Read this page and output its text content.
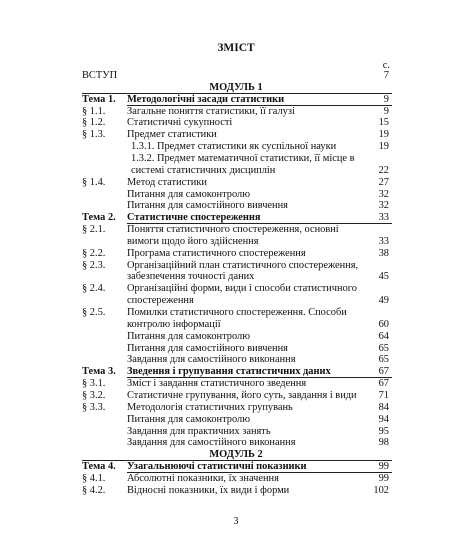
ЗМІСТ
с.
ВСТУП	7
МОДУЛЬ 1
Тема 1. Методологічні засади статистики	9
§ 1.1. Загальне поняття статистики, її галузі	9
§ 1.2. Статистичні сукупності	15
§ 1.3. Предмет статистики	19
1.3.1. Предмет статистики як суспільної науки	19
1.3.2. Предмет математичної статистики, її місце в
системі статистичних дисциплін	22
§ 1.4. Метод статистики	27
Питання для самоконтролю	32
Питання для самостійного вивчення	32
Тема 2. Статистичне спостереження	33
§ 2.1. Поняття статистичного спостереження, основні
вимоги щодо його здійснення	33
§ 2.2. Програма статистичного спостереження	38
§ 2.3. Організаційний план статистичного спостереження,
забезпечення точності даних	45
§ 2.4. Організаційні форми, види і способи статистичного
спостереження	49
§ 2.5. Помилки статистичного спостереження. Способи
контролю інформації	60
Питання для самоконтролю	64
Питання для самостійного вивчення	65
Завдання для самостійного виконання	65
Тема 3. Зведення і групування статистичних даних	67
§ 3.1. Зміст і завдання статистичного зведення	67
§ 3.2. Статистичне групування, його суть, завдання і види	71
§ 3.3. Методологія статистичних групувань	84
Питання для самоконтролю	94
Завдання для практичних занять	95
Завдання для самостійного виконання	98
МОДУЛЬ 2
Тема 4. Узагальнюючі статистичні показники	99
§ 4.1. Абсолютні показники, їх значення	99
§ 4.2. Відносні показники, їх види і форми	102
3
